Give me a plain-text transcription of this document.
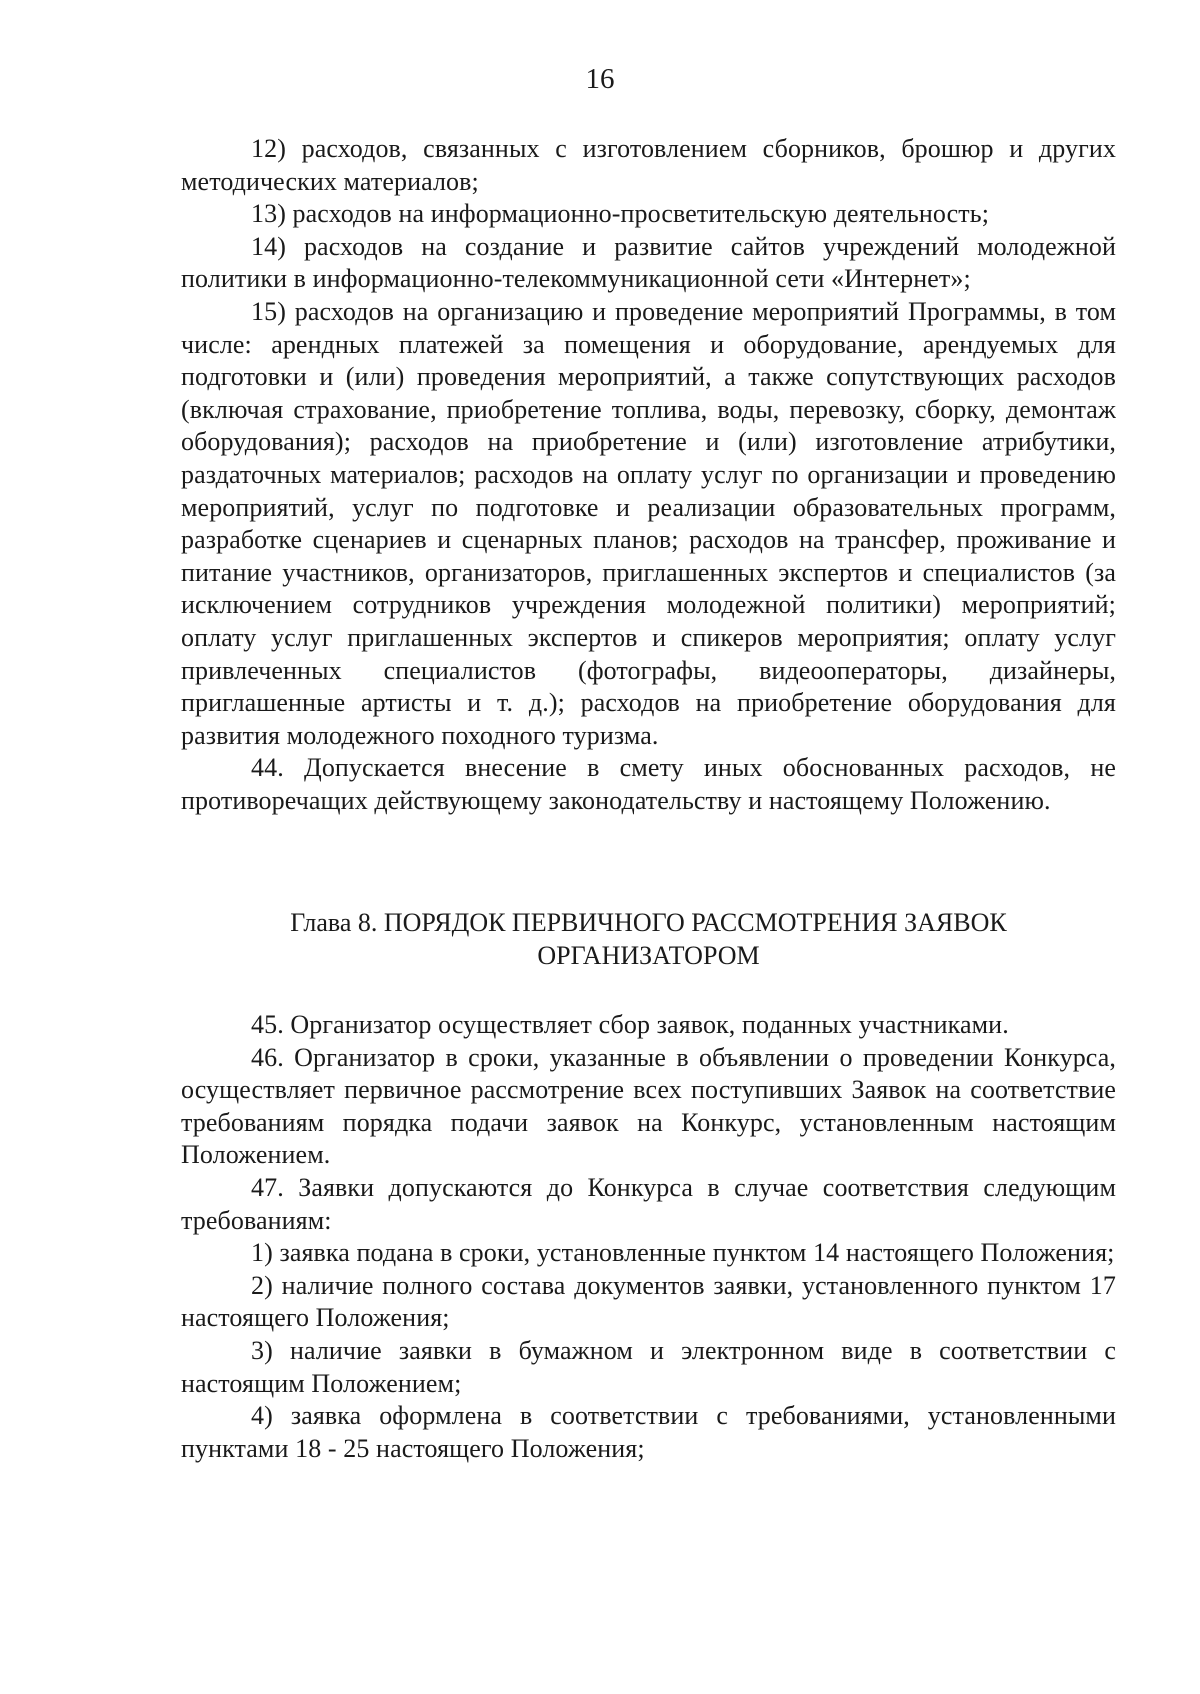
16

12) расходов, связанных с изготовлением сборников, брошюр и других методических материалов;

13) расходов на информационно-просветительскую деятельность;

14) расходов на создание и развитие сайтов учреждений молодежной политики в информационно-телекоммуникационной сети «Интернет»;

15) расходов на организацию и проведение мероприятий Программы, в том числе: арендных платежей за помещения и оборудование, арендуемых для подготовки и (или) проведения мероприятий, а также сопутствующих расходов (включая страхование, приобретение топлива, воды, перевозку, сборку, демонтаж оборудования); расходов на приобретение и (или) изготовление атрибутики, раздаточных материалов; расходов на оплату услуг по организации и проведению мероприятий, услуг по подготовке и реализации образовательных программ, разработке сценариев и сценарных планов; расходов на трансфер, проживание и питание участников, организаторов, приглашенных экспертов и специалистов (за исключением сотрудников учреждения молодежной политики) мероприятий; оплату услуг приглашенных экспертов и спикеров мероприятия; оплату услуг привлеченных специалистов (фотографы, видеооператоры, дизайнеры, приглашенные артисты и т. д.); расходов на приобретение оборудования для развития молодежного походного туризма.

44. Допускается внесение в смету иных обоснованных расходов, не противоречащих действующему законодательству и настоящему Положению.

Глава 8. ПОРЯДОК ПЕРВИЧНОГО РАССМОТРЕНИЯ ЗАЯВОК
ОРГАНИЗАТОРОМ

45. Организатор осуществляет сбор заявок, поданных участниками.

46. Организатор в сроки, указанные в объявлении о проведении Конкурса, осуществляет первичное рассмотрение всех поступивших Заявок на соответствие требованиям порядка подачи заявок на Конкурс, установленным настоящим Положением.

47. Заявки допускаются до Конкурса в случае соответствия следующим требованиям:

1) заявка подана в сроки, установленные пунктом 14 настоящего Положения;

2) наличие полного состава документов заявки, установленного пунктом 17 настоящего Положения;

3) наличие заявки в бумажном и электронном виде в соответствии с настоящим Положением;

4) заявка оформлена в соответствии с требованиями, установленными пунктами 18 - 25 настоящего Положения;
